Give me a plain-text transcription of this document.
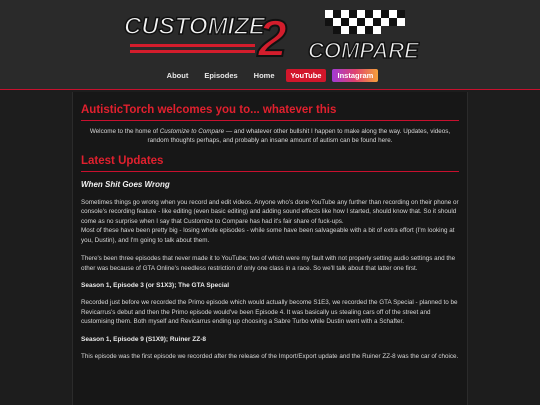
CUSTOMIZE
2 COMPARE
About	Episodes	Home	YouTube	Instagram
AutisticTorch welcomes you to... whatever this

Welcome to the home of Customize to Compare — and whatever other bullshit I happen to make along the way. Updates, videos, random thoughts perhaps, and probably an insane amount of autism can be found here.

Latest Updates
When Shit Goes Wrong

Sometimes things go wrong when you record and edit videos. Anyone who's done YouTube any further than recording on their phone or console's recording feature - like editing (even basic editing) and adding sound effects like how I started, should know that. So it should come as no surprise when I say that Customize to Compare has had it's fair share of fuck-ups.

Most of these have been pretty big - losing whole episodes - while some have been salvageable with a bit of extra effort (I'm looking at you, Dustin), and I'm going to talk about them.

There's been three episodes that never made it to YouTube; two of which were my fault with not properly setting audio settings and the other was because of GTA Online's needless restriction of only one class in a race. So we'll talk about that latter one first.

Season 1, Episode 3 (or S1X3); The GTA Special

Recorded just before we recorded the Primo episode which would actually become S1E3, we recorded the GTA Special - planned to be Revicarrus's debut and then the Primo episode would've been Episode 4. It was basically us stealing cars off of the street and customising them. Both myself and Revicarrus ending up choosing a Sabre Turbo while Dustin went with a Schafter.

Season 1, Episode 9 (S1X9); Ruiner ZZ-8

This episode was the first episode we recorded after the release of the Import/Export update and the Ruiner ZZ-8 was the car of choice.
